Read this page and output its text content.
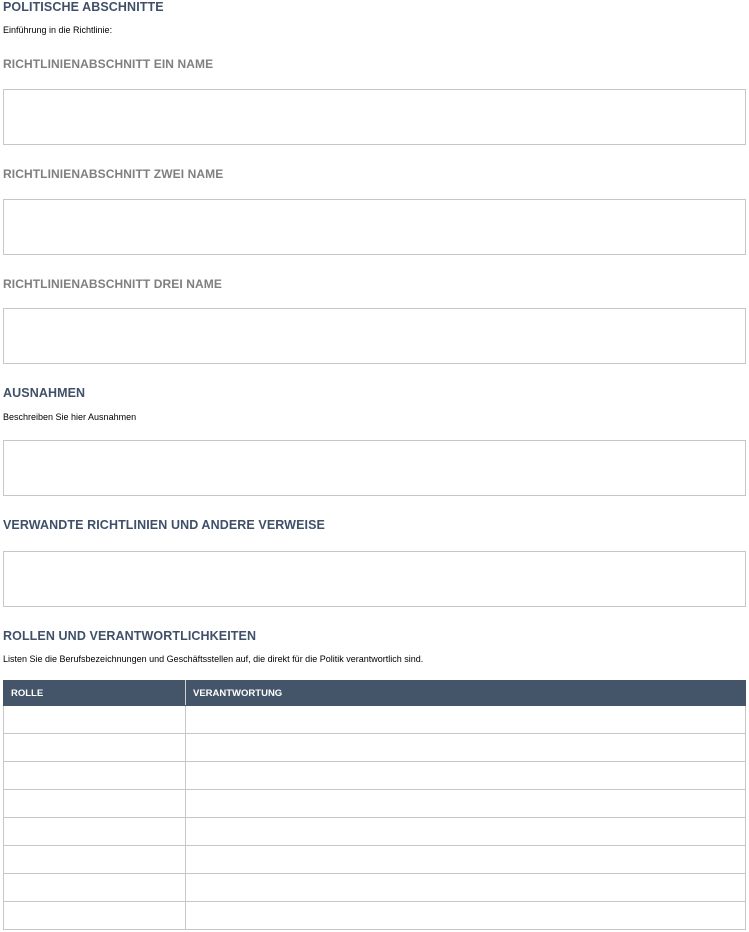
POLITISCHE ABSCHNITTE
Einführung in die Richtlinie:
RICHTLINIENABSCHNITT EIN NAME
RICHTLINIENABSCHNITT ZWEI NAME
RICHTLINIENABSCHNITT DREI NAME
AUSNAHMEN
Beschreiben Sie hier Ausnahmen
VERWANDTE RICHTLINIEN UND ANDERE VERWEISE
ROLLEN UND VERANTWORTLICHKEITEN
Listen Sie die Berufsbezeichnungen und Geschäftsstellen auf, die direkt für die Politik verantwortlich sind.
ROLLE	VERANTWORTUNG
